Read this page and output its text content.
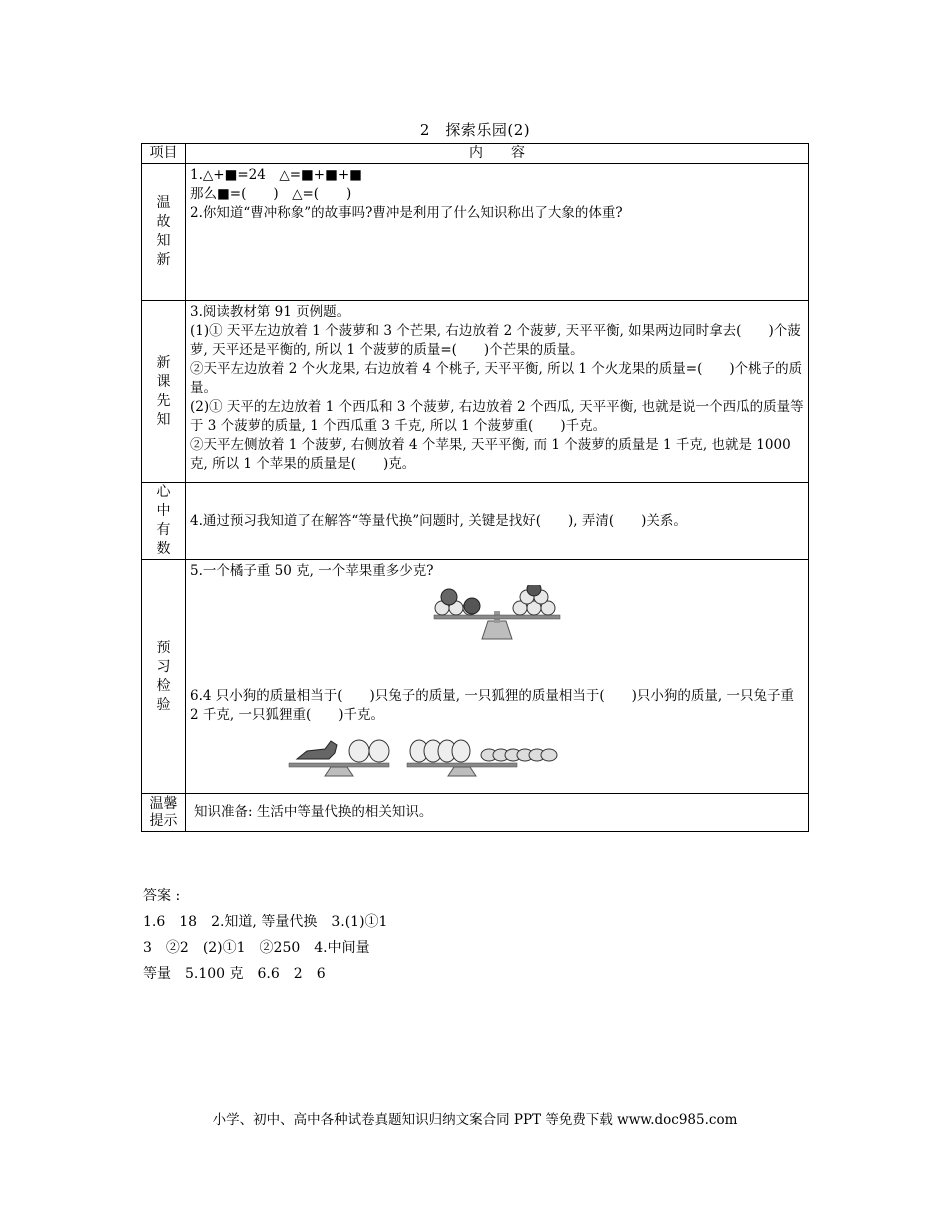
2　探索乐园(2)
项目	内　　容
温故知新	1.△+■=24　△=■+■+■
那么■=(　　)　△=(　　)
2.你知道“曹冲称象”的故事吗?曹冲是利用了什么知识称出了大象的体重?

新课先知	3.阅读教材第 91 页例题。
(1)① 天平左边放着 1 个菠萝和 3 个芒果, 右边放着 2 个菠萝, 天平平衡, 如果两边同时拿去(　　)个菠萝, 天平还是平衡的, 所以 1 个菠萝的质量=(　　)个芒果的质量。
②天平左边放着 2 个火龙果, 右边放着 4 个桃子, 天平平衡, 所以 1 个火龙果的质量=(　　)个桃子的质量。
(2)① 天平的左边放着 1 个西瓜和 3 个菠萝, 右边放着 2 个西瓜, 天平平衡, 也就是说一个西瓜的质量等于 3 个菠萝的质量, 1 个西瓜重 3 千克, 所以 1 个菠萝重(　　)千克。
②天平左侧放着 1 个菠萝, 右侧放着 4 个苹果, 天平平衡, 而 1 个菠萝的质量是 1 千克, 也就是 1000 克, 所以 1 个苹果的质量是(　　)克。

心中有数	4.通过预习我知道了在解答“等量代换”问题时, 关键是找好(　　), 弄清(　　)关系。

预习检验	5.一个橘子重 50 克, 一个苹果重多少克?
6.4 只小狗的质量相当于(　　)只兔子的质量, 一只狐狸的质量相当于(　　)只小狗的质量, 一只兔子重 2 千克, 一只狐狸重(　　)千克。

温馨
提示	知识准备: 生活中等量代换的相关知识。
答案 :
1.6　18　2.知道, 等量代换　3.(1)①1
3　②2　(2)①1　②250　4.中间量
等量　5.100 克　6.6　2　6
小学、初中、高中各种试卷真题知识归纳文案合同 PPT 等免费下载 www.doc985.com
